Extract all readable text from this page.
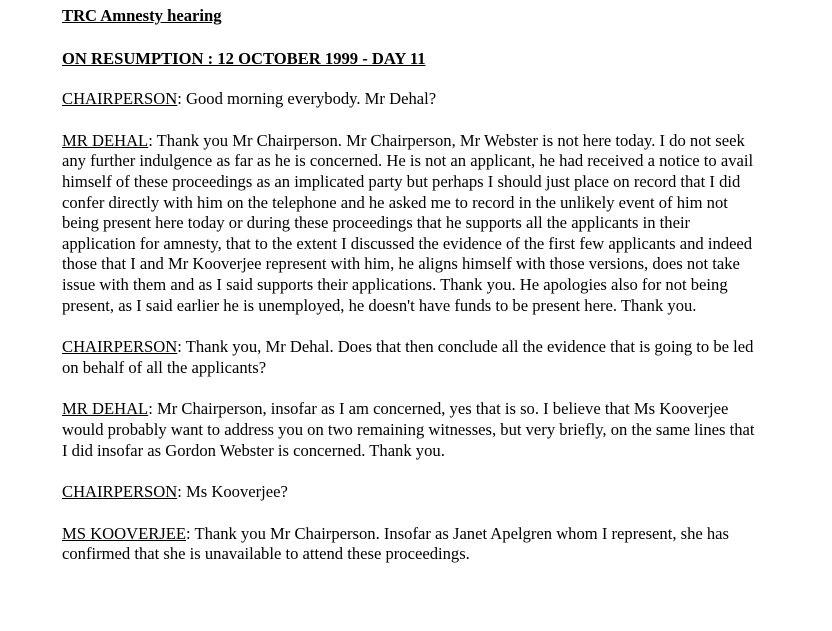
TRC Amnesty hearing

ON RESUMPTION : 12 OCTOBER 1999 - DAY 11

CHAIRPERSON: Good morning everybody. Mr Dehal?

MR DEHAL: Thank you Mr Chairperson. Mr Chairperson, Mr Webster is not here today. I do not seek any further indulgence as far as he is concerned. He is not an applicant, he had received a notice to avail himself of these proceedings as an implicated party but perhaps I should just place on record that I did confer directly with him on the telephone and he asked me to record in the unlikely event of him not being present here today or during these proceedings that he supports all the applicants in their application for amnesty, that to the extent I discussed the evidence of the first few applicants and indeed those that I and Mr Kooverjee represent with him, he aligns himself with those versions, does not take issue with them and as I said supports their applications. Thank you. He apologies also for not being present, as I said earlier he is unemployed, he doesn't have funds to be present here. Thank you.

CHAIRPERSON: Thank you, Mr Dehal. Does that then conclude all the evidence that is going to be led on behalf of all the applicants?

MR DEHAL: Mr Chairperson, insofar as I am concerned, yes that is so. I believe that Ms Kooverjee would probably want to address you on two remaining witnesses, but very briefly, on the same lines that I did insofar as Gordon Webster is concerned. Thank you.

CHAIRPERSON: Ms Kooverjee?

MS KOOVERJEE: Thank you Mr Chairperson. Insofar as Janet Apelgren whom I represent, she has confirmed that she is unavailable to attend these proceedings.
